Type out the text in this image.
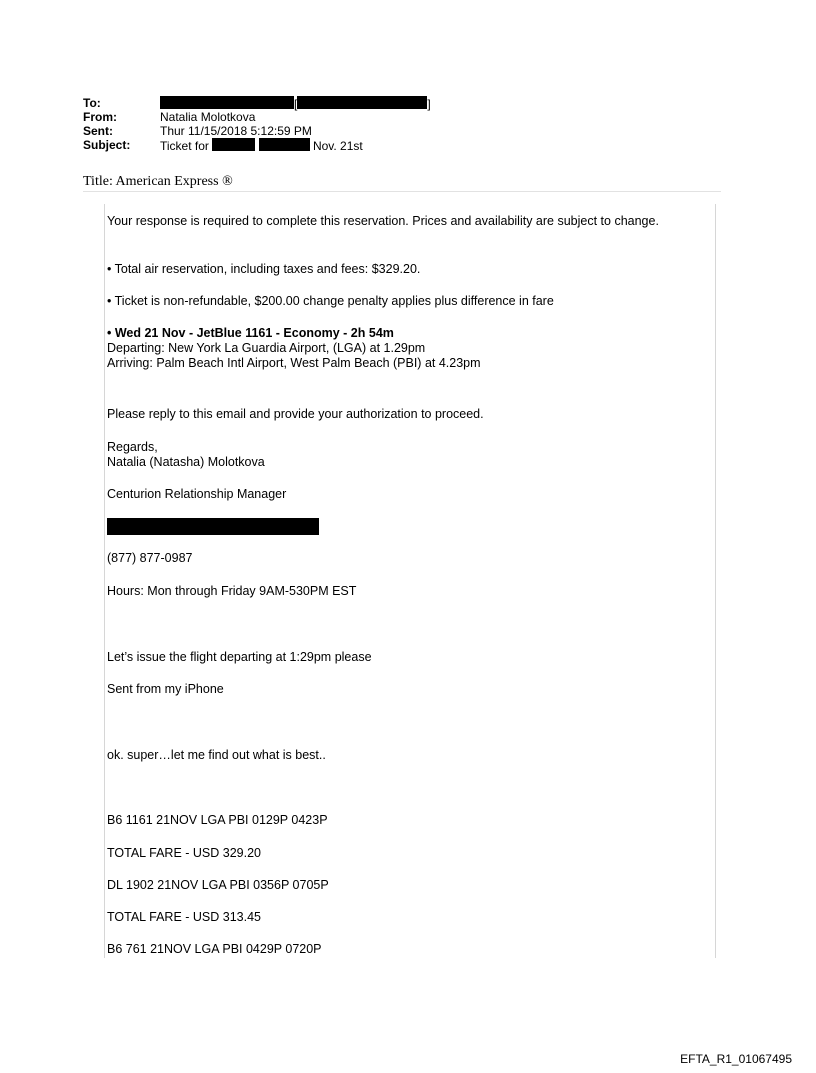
To:	[	]
From:	Natalia Molotkova
Sent:	Thur 11/15/2018 5:12:59 PM
Subject: Ticket for	Nov. 21st
Title: American Express ®

Your response is required to complete this reservation. Prices and availability are subject to change.

• Total air reservation, including taxes and fees: $329.20.

• Ticket is non-refundable, $200.00 change penalty applies plus difference in fare

• Wed 21 Nov - JetBlue 1161 - Economy - 2h 54m

Departing: New York La Guardia Airport, (LGA) at 1.29pm

Arriving: Palm Beach Intl Airport, West Palm Beach (PBI) at 4.23pm

Please reply to this email and provide your authorization to proceed.

Regards,

Natalia (Natasha) Molotkova

Centurion Relationship Manager

(877) 877-0987

Hours: Mon through Friday 9AM-530PM EST

Let’s issue the flight departing at 1:29pm please

Sent from my iPhone

ok. super…let me find out what is best..

B6 1161 21NOV LGA PBI 0129P 0423P

TOTAL FARE - USD 329.20

DL 1902 21NOV LGA PBI 0356P 0705P

TOTAL FARE - USD 313.45

B6 761 21NOV LGA PBI 0429P 0720P

EFTA_R1_01067495
